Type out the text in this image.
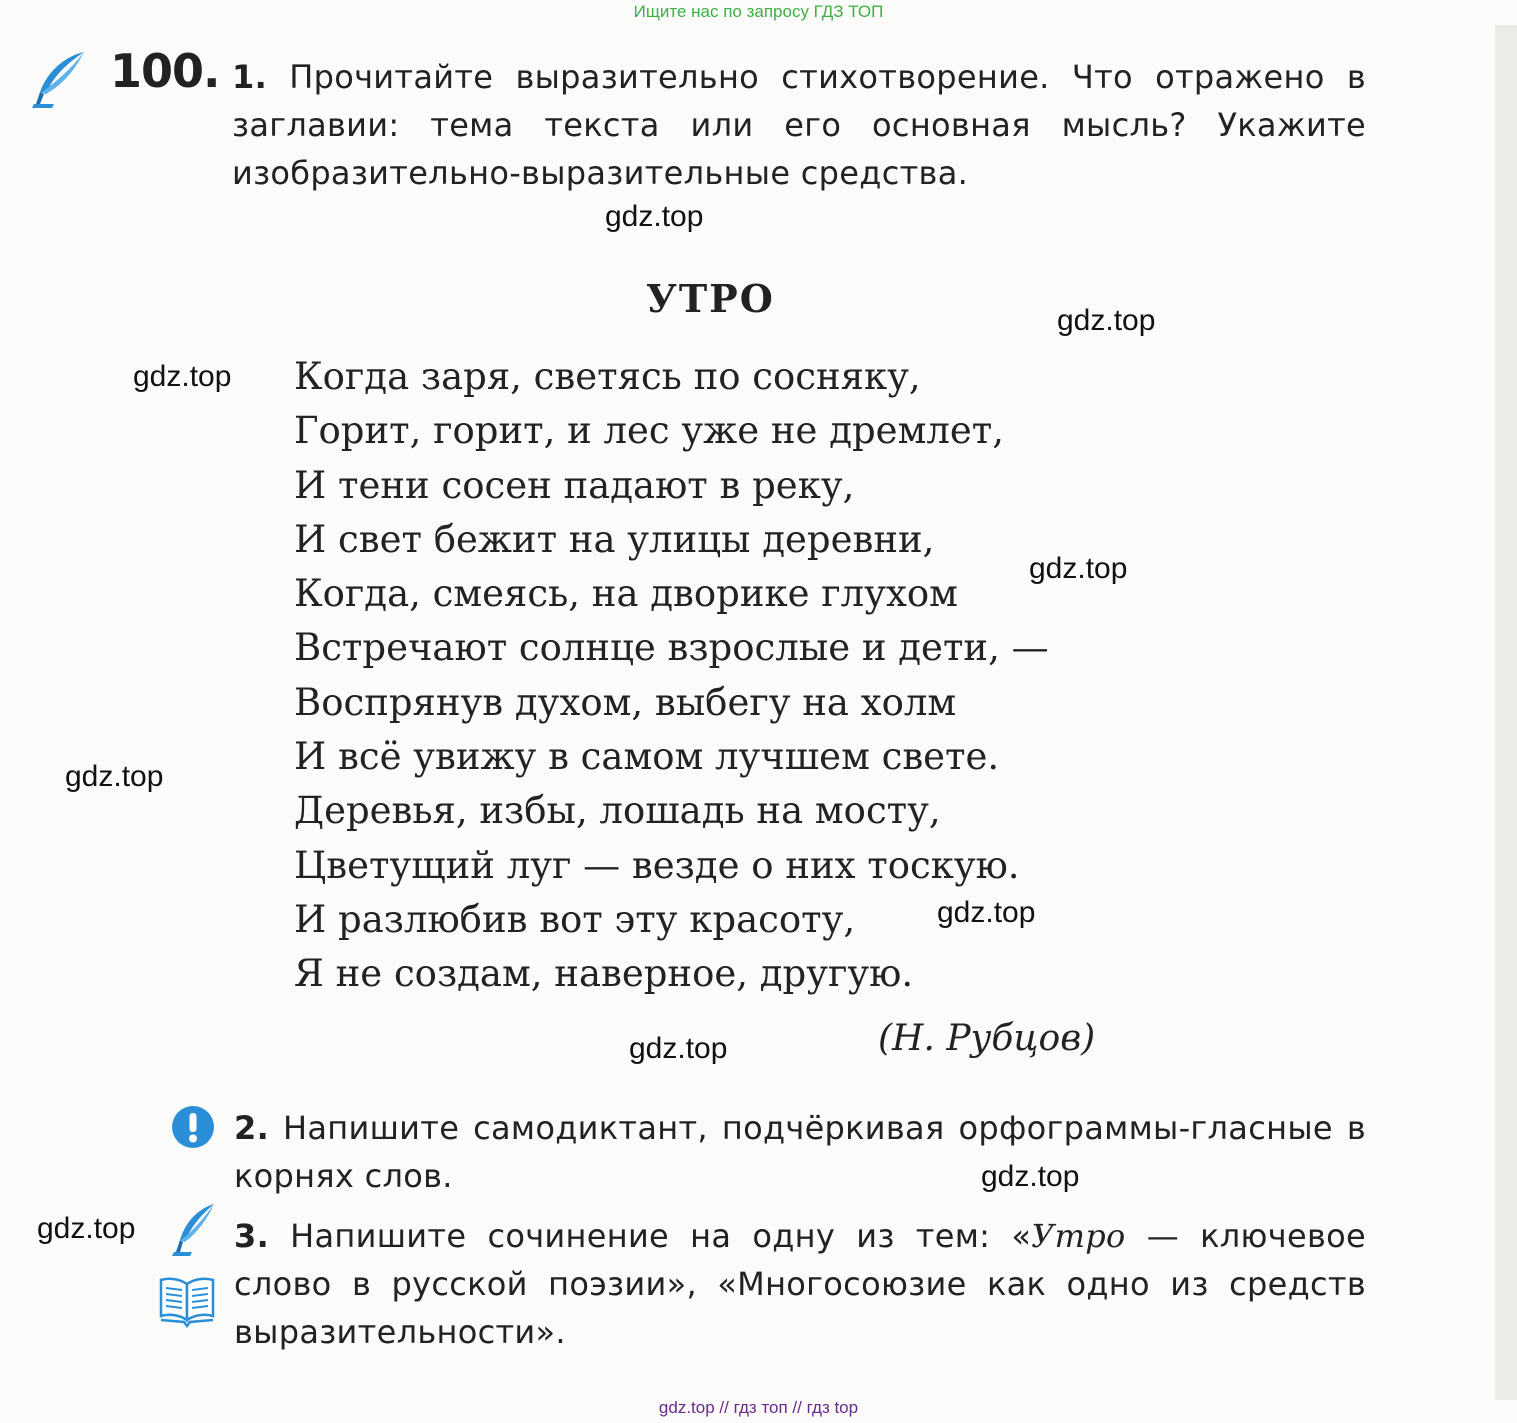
Ищите нас по запросу ГДЗ ТОП
100. 1. Прочитайте выразительно стихотворение. Что отражено в заглавии: тема текста или его основная мысль? Укажите изобразительно-выразительные средства.
УТРО
Когда заря, светясь по сосняку,
Горит, горит, и лес уже не дремлет,
И тени сосен падают в реку,
И свет бежит на улицы деревни,
Когда, смеясь, на дворике глухом
Встречают солнце взрослые и дети, —
Воспрянув духом, выбегу на холм
И всё увижу в самом лучшем свете.
Деревья, избы, лошадь на мосту,
Цветущий луг — везде о них тоскую.
И разлюбив вот эту красоту,
Я не создам, наверное, другую.
(Н. Рубцов)
2. Напишите самодиктант, подчёркивая орфограммы-гласные в корнях слов.
3. Напишите сочинение на одну из тем: «Утро — ключевое слово в русской поэзии», «Многосоюзие как одно из средств выразительности».
gdz.top
gdz.top
gdz.top
gdz.top
gdz.top
gdz.top
gdz.top
gdz.top
gdz.top
gdz.top // гдз топ // гдз top
